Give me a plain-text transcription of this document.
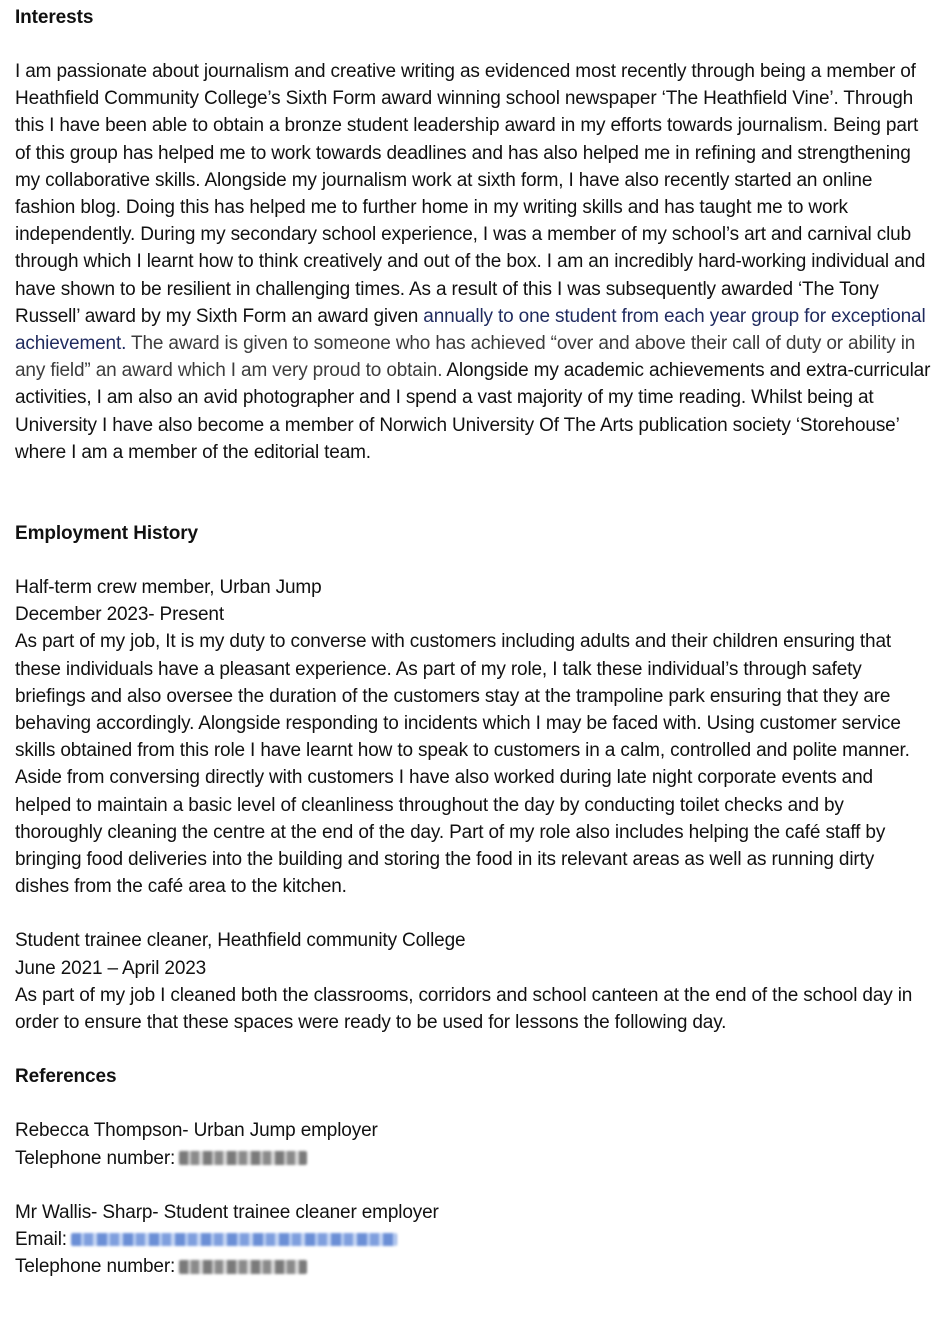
Interests

I am passionate about journalism and creative writing as evidenced most recently through being a member of Heathfield Community College’s Sixth Form award winning school newspaper ‘The Heathfield Vine’. Through this I have been able to obtain a bronze student leadership award in my efforts towards journalism. Being part of this group has helped me to work towards deadlines and has also helped me in refining and strengthening my collaborative skills. Alongside my journalism work at sixth form, I have also recently started an online fashion blog. Doing this has helped me to further home in my writing skills and has taught me to work independently. During my secondary school experience, I was a member of my school’s art and carnival club through which I learnt how to think creatively and out of the box. I am an incredibly hard-working individual and have shown to be resilient in challenging times. As a result of this I was subsequently awarded ‘The Tony Russell’ award by my Sixth Form an award given annually to one student from each year group for exceptional achievement. The award is given to someone who has achieved “over and above their call of duty or ability in any field” an award which I am very proud to obtain. Alongside my academic achievements and extra-curricular activities, I am also an avid photographer and I spend a vast majority of my time reading. Whilst being at University I have also become a member of Norwich University Of The Arts publication society ‘Storehouse’ where I am a member of the editorial team.

Employment History

Half-term crew member, Urban Jump
December 2023- Present

As part of my job, It is my duty to converse with customers including adults and their children ensuring that these individuals have a pleasant experience. As part of my role, I talk these individual’s through safety briefings and also oversee the duration of the customers stay at the trampoline park ensuring that they are behaving accordingly. Alongside responding to incidents which I may be faced with. Using customer service skills obtained from this role I have learnt how to speak to customers in a calm, controlled and polite manner. Aside from conversing directly with customers I have also worked during late night corporate events and helped to maintain a basic level of cleanliness throughout the day by conducting toilet checks and by thoroughly cleaning the centre at the end of the day. Part of my role also includes helping the café staff by bringing food deliveries into the building and storing the food in its relevant areas as well as running dirty dishes from the café area to the kitchen.

Student trainee cleaner, Heathfield community College
June 2021 – April 2023

As part of my job I cleaned both the classrooms, corridors and school canteen at the end of the school day in order to ensure that these spaces were ready to be used for lessons the following day.

References

Rebecca Thompson- Urban Jump employer
Telephone number:
Mr Wallis- Sharp- Student trainee cleaner employer
Email:
Telephone number:
